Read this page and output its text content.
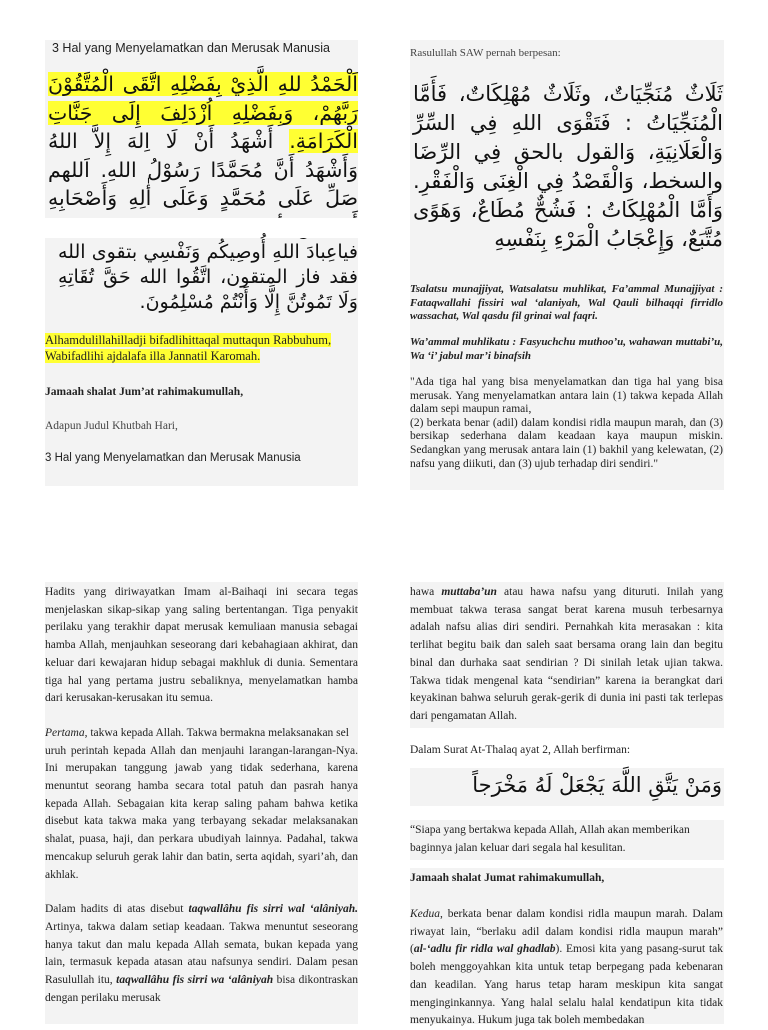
3 Hal yang Menyelamatkan dan Merusak Manusia
اَلْحَمْدُ للهِ الَّذِيْ بِفَضْلِهِ اتَّقَى الْمُتَّقُوْنَ رَبَّهُمْ، وَبِفَضْلِهِ اُزْدَلِفَ إِلَى جَنَّاتِ الْكَرَامَةِ. أَشْهَدُ أَنْ لَا اِلهَ إِلاَّ اللهُ وَأَشْهَدُ أَنَّ مُحَمَّدًا رَسُوْلُ اللهِ. اَللهم صَلِّ عَلَى مُحَمَّدٍ وَعَلَى أٰلِهِ وَأَصْحَابِهِ
فياعِبادَ اللهِ أُوصِيكُم وَنَفْسِي بتقوى الله فقد فاز المتقون، اتَّقُوا الله حَقَّ تُقَاتِهِ وَلَا تَمُوتُنَّ إِلَّا وَأَنْتُمْ مُسْلِمُونَ.
Alhamdulillahilladji bifadlihittaqal muttaqun Rabbuhum, Wabifadlihi ajdalafa illa Jannatil Karomah.
Jamaah shalat Jum’at rahimakumullah,
Adapun Judul Khutbah Hari,
3 Hal yang Menyelamatkan dan Merusak Manusia
Rasulullah SAW pernah berpesan:
ثَلَاثٌ مُنَجِّيَاتٌ، وثَلَاثٌ مُهْلِكَاتٌ، فَأَمَّا الْمُنَجِّيَاتُ : فَتَقْوَى اللهِ فِي السِّرِّ وَالْعَلَانِيَةِ، وَالقول بالحق فِي الرِّضَا والسخط، وَالْقَصْدُ فِي الْغِنَى وَالْفَقْرِ. وَأَمَّا الْمُهْلِكَاتُ : فَشُحٌّ مُطَاعٌ، وَهَوًى مُتَّبَعٌ، وَإِعْجَابُ الْمَرْءِ بِنَفْسِهِ
Tsalatsu munajjiyat, Watsalatsu muhlikat, Fa’ammal Munajjiyat : Fataqwallahi fissiri wal ‘alaniyah, Wal Qauli bilhaqqi firridlo wassachat, Wal qasdu fil grinai wal faqri.
Wa’ammal muhlikatu : Fasyuchchu muthoo’u, wahawan muttabi’u, Wa ‘i’ jabul mar’i binafsih

"Ada tiga hal yang bisa menyelamatkan dan tiga hal yang bisa merusak. Yang menyelamatkan antara lain (1) takwa kepada Allah dalam sepi maupun ramai,

(2) berkata benar (adil) dalam kondisi ridla maupun marah, dan (3) bersikap sederhana dalam keadaan kaya maupun miskin. Sedangkan yang merusak antara lain (1) bakhil yang kelewatan, (2) nafsu yang diikuti, dan (3) ujub terhadap diri sendiri."

Hadits yang diriwayatkan Imam al-Baihaqi ini secara tegas menjelaskan sikap-sikap yang saling bertentangan. Tiga penyakit perilaku yang terakhir dapat merusak kemuliaan manusia sebagai hamba Allah, menjauhkan seseorang dari kebahagiaan akhirat, dan keluar dari kewajaran hidup sebagai makhluk di dunia. Sementara tiga hal yang pertama justru sebaliknya, menyelamatkan hamba dari kerusakan-kerusakan itu semua.

Pertama, takwa kepada Allah. Takwa bermakna melaksanakan sel
uruh perintah kepada Allah dan menjauhi larangan-larangan-Nya. Ini merupakan tanggung jawab yang tidak sederhana, karena menuntut seorang hamba secara total patuh dan pasrah hanya kepada Allah. Sebagaian kita kerap saling paham bahwa ketika disebut kata takwa maka yang terbayang sekadar melaksanakan shalat, puasa, haji, dan perkara ubudiyah lainnya. Padahal, takwa mencakup seluruh gerak lahir dan batin, serta aqidah, syari’ah, dan akhlak.

Dalam hadits di atas disebut taqwallâhu fis sirri wal ‘alâniyah. Artinya, takwa dalam setiap keadaan. Takwa menuntut seseorang hanya takut dan malu kepada Allah semata, bukan kepada yang lain, termasuk kepada atasan atau nafsunya sendiri. Dalam pesan Rasulullah itu, taqwallâhu fis sirri wa ‘alâniyah bisa dikontraskan dengan perilaku merusak

hawa muttaba’un atau hawa nafsu yang dituruti. Inilah yang membuat takwa terasa sangat berat karena musuh terbesarnya adalah nafsu alias diri sendiri. Pernahkah kita merasakan : kita terlihat begitu baik dan saleh saat bersama orang lain dan begitu binal dan durhaka saat sendirian ? Di sinilah letak ujian takwa. Takwa tidak mengenal kata “sendirian” karena ia berangkat dari keyakinan bahwa seluruh gerak-gerik di dunia ini pasti tak terlepas dari pengamatan Allah.
Dalam Surat At-Thalaq ayat 2, Allah berfirman:
وَمَنْ يَتَّقِ اللَّهَ يَجْعَلْ لَهُ مَخْرَجاً
“Siapa yang bertakwa kepada Allah, Allah akan memberikan baginnya jalan keluar dari segala hal kesulitan.
Jamaah shalat Jumat rahimakumullah,
Kedua, berkata benar dalam kondisi ridla maupun marah. Dalam riwayat lain, “berlaku adil dalam kondisi ridla maupun marah” (al-‘adlu fir ridla wal ghadlab). Emosi kita yang pasang-surut tak boleh menggoyahkan kita untuk tetap berpegang pada kebenaran dan keadilan. Yang harus tetap haram meskipun kita sangat menginginkannya. Yang halal selalu halal kendatipun kita tidak menyukainya. Hukum juga tak boleh membedakan
